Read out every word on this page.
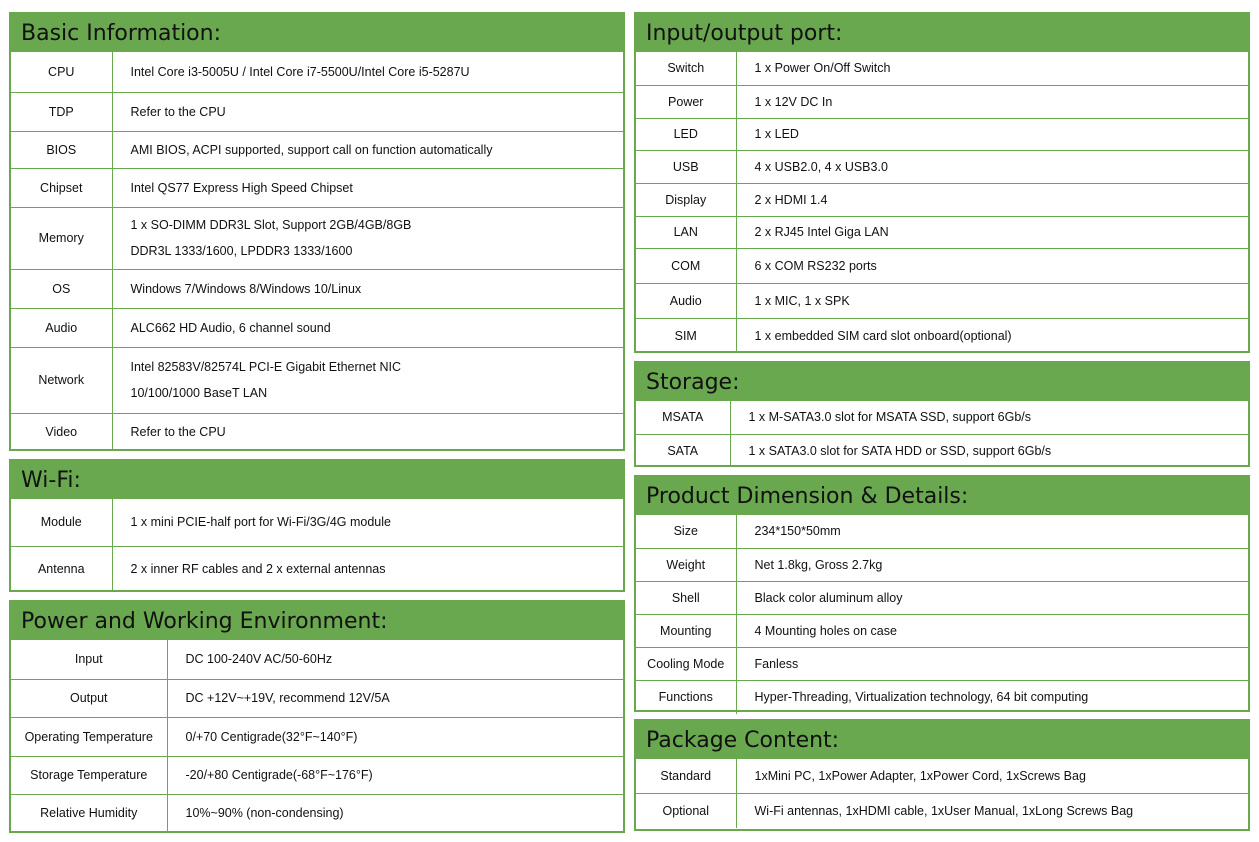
Basic Information:
CPU	Intel Core i3-5005U / Intel Core i7-5500U/Intel Core i5-5287U

TDP	Refer to the CPU

BIOS	AMI BIOS, ACPI supported, support call on function automatically

Chipset	Intel QS77 Express High Speed Chipset

Memory	1 x SO-DIMM DDR3L Slot, Support 2GB/4GB/8GB
DDR3L 1333/1600, LPDDR3 1333/1600

OS	Windows 7/Windows 8/Windows 10/Linux

Audio	ALC662 HD Audio, 6 channel sound

Network	Intel 82583V/82574L PCI-E Gigabit Ethernet NIC
10/100/1000 BaseT LAN

Video	Refer to the CPU
Wi-Fi:
Module	1 x mini PCIE-half port for Wi-Fi/3G/4G module

Antenna	2 x inner RF cables and 2 x external antennas
Power and Working Environment:
Input	DC 100-240V AC/50-60Hz

Output	DC +12V~+19V, recommend 12V/5A

Operating Temperature	0/+70 Centigrade(32°F~140°F)

Storage Temperature	-20/+80 Centigrade(-68°F~176°F)

Relative Humidity	10%~90% (non-condensing)
Input/output port:
Switch	1 x Power On/Off Switch

Power	1 x 12V DC In

LED	1 x LED

USB	4 x USB2.0, 4 x USB3.0

Display	2 x HDMI 1.4

LAN	2 x RJ45 Intel Giga LAN

COM	6 x COM RS232 ports

Audio	1 x MIC, 1 x SPK

SIM	1 x embedded SIM card slot onboard(optional)
Storage:
MSATA	1 x M-SATA3.0 slot for MSATA SSD, support 6Gb/s

SATA	1 x SATA3.0 slot for SATA HDD or SSD, support 6Gb/s
Product Dimension & Details:
Size	234*150*50mm

Weight	Net 1.8kg, Gross 2.7kg

Shell	Black color aluminum alloy

Mounting	4 Mounting holes on case

Cooling Mode	Fanless

Functions	Hyper-Threading, Virtualization technology, 64 bit computing
Package Content:
Standard	1xMini PC, 1xPower Adapter, 1xPower Cord, 1xScrews Bag

Optional	Wi-Fi antennas, 1xHDMI cable, 1xUser Manual, 1xLong Screws Bag
